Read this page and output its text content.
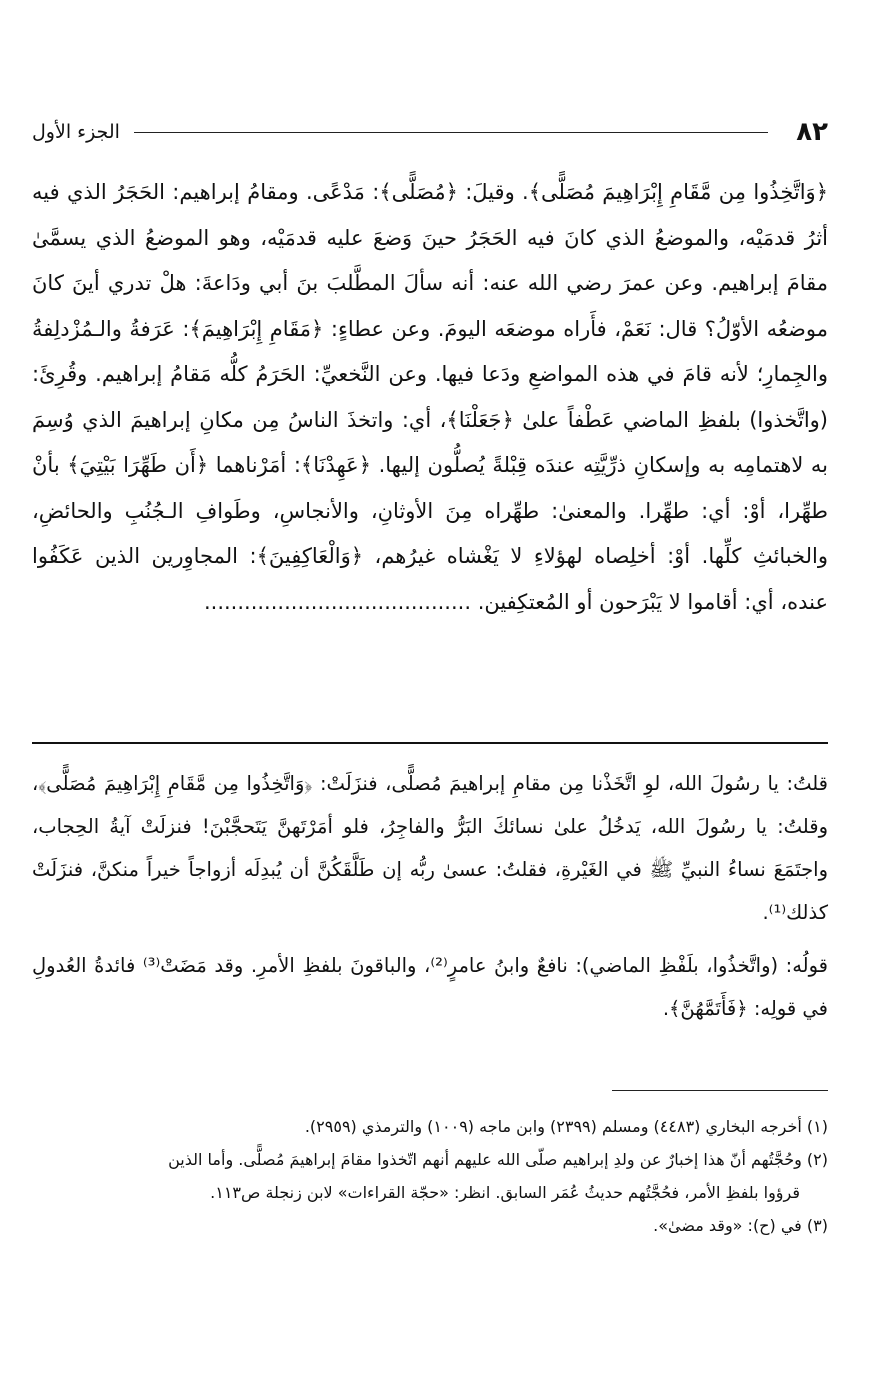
٨٢
الجزء الأول

﴿وَاتَّخِذُوا مِن مَّقَامِ إِبْرَاهِيمَ مُصَلًّى﴾. وقيلَ: ﴿مُصَلًّى﴾: مَدْعًى. ومقامُ إبراهيم: الحَجَرُ الذي فيه أثرُ قدمَيْه، والموضعُ الذي كانَ فيه الحَجَرُ حينَ وَضعَ عليه قدمَيْه، وهو الموضعُ الذي يسمَّىٰ مقامَ إبراهيم. وعن عمرَ رضي الله عنه: أنه سألَ المطَّلبَ بنَ أبي ودَاعةَ: هلْ تدري أينَ كانَ موضعُه الأوّلُ؟ قال: نَعَمْ، فأَراه موضعَه اليومَ. وعن عطاءٍ: ﴿مَقَامِ إِبْرَاهِيمَ﴾: عَرَفةُ والـمُزْدلِفةُ والجِمارِ؛ لأنه قامَ في هذه المواضعِ ودَعا فيها. وعن النَّخعيِّ: الحَرَمُ كلُّه مَقامُ إبراهيم. وقُرِئَ: (واتَّخذوا) بلفظِ الماضي عَطْفاً علىٰ ﴿جَعَلْنَا﴾، أي: واتخذَ الناسُ مِن مكانِ إبراهيمَ الذي وُسِمَ به لاهتمامِه به وإسكانِ ذرِّيَّتِه عندَه قِبْلةً يُصلُّون إليها. ﴿عَهِدْنَا﴾: أمَرْناهما ﴿أَن طَهِّرَا بَيْتِيَ﴾ بأنْ طهِّرا، أوْ: أي: طهِّرا. والمعنىٰ: طهِّراه مِنَ الأوثانِ، والأنجاسِ، وطَوافِ الـجُنُبِ والحائضِ، والخبائثِ كلِّها. أوْ: أخلِصاه لهؤلاءِ لا يَغْشاه غيرُهم، ﴿وَالْعَاكِفِينَ﴾: المجاوِرين الذين عَكَفُوا عنده، أي: أقاموا لا يَبْرَحون أو المُعتكِفين. ........................................

قلتُ: يا رسُولَ الله، لوِ اتَّخَذْنا مِن مقامِ إبراهيمَ مُصلًّى، فنزَلَتْ: ﴿وَاتَّخِذُوا مِن مَّقَامِ إِبْرَاهِيمَ مُصَلًّى﴾، وقلتُ: يا رسُولَ الله، يَدخُلُ علىٰ نسائكَ البَرُّ والفاجِرُ، فلو أمَرْتَهنَّ يَتَحجَّبْنَ! فنزلَتْ آيةُ الحِجاب، واجتَمَعَ نساءُ النبيِّ ﷺ في الغَيْرةِ، فقلتُ: عسىٰ ربُّه إن طَلَّقَكُنَّ أن يُبدِلَه أزواجاً خيراً منكنَّ، فنزَلَتْ كذلك⁽¹⁾.

قولُه: (واتَّخذُوا، بلَفْظِ الماضي): نافعٌ وابنُ عامرٍ⁽²⁾، والباقونَ بلفظِ الأمرِ. وقد مَضَتْ⁽³⁾ فائدةُ العُدولِ في قولِه: ﴿فَأَتَمَّهُنَّ﴾.

(١) أخرجه البخاري (٤٤٨٣) ومسلم (٢٣٩٩) وابن ماجه (١٠٠٩) والترمذي (٢٩٥٩).

(٢) وحُجَّتُهم أنّ هذا إخبارٌ عن ولدِ إبراهيم صلّى الله عليهم أنهم اتّخذوا مقامَ إبراهيمَ مُصلًّى. وأما الذين

قرؤوا بلفظِ الأمر، فحُجَّتُهم حديثُ عُمَر السابق. انظر: «حجّة القراءات» لابن زنجلة ص١١٣.

(٣) في (ح): «وقد مضىٰ».
